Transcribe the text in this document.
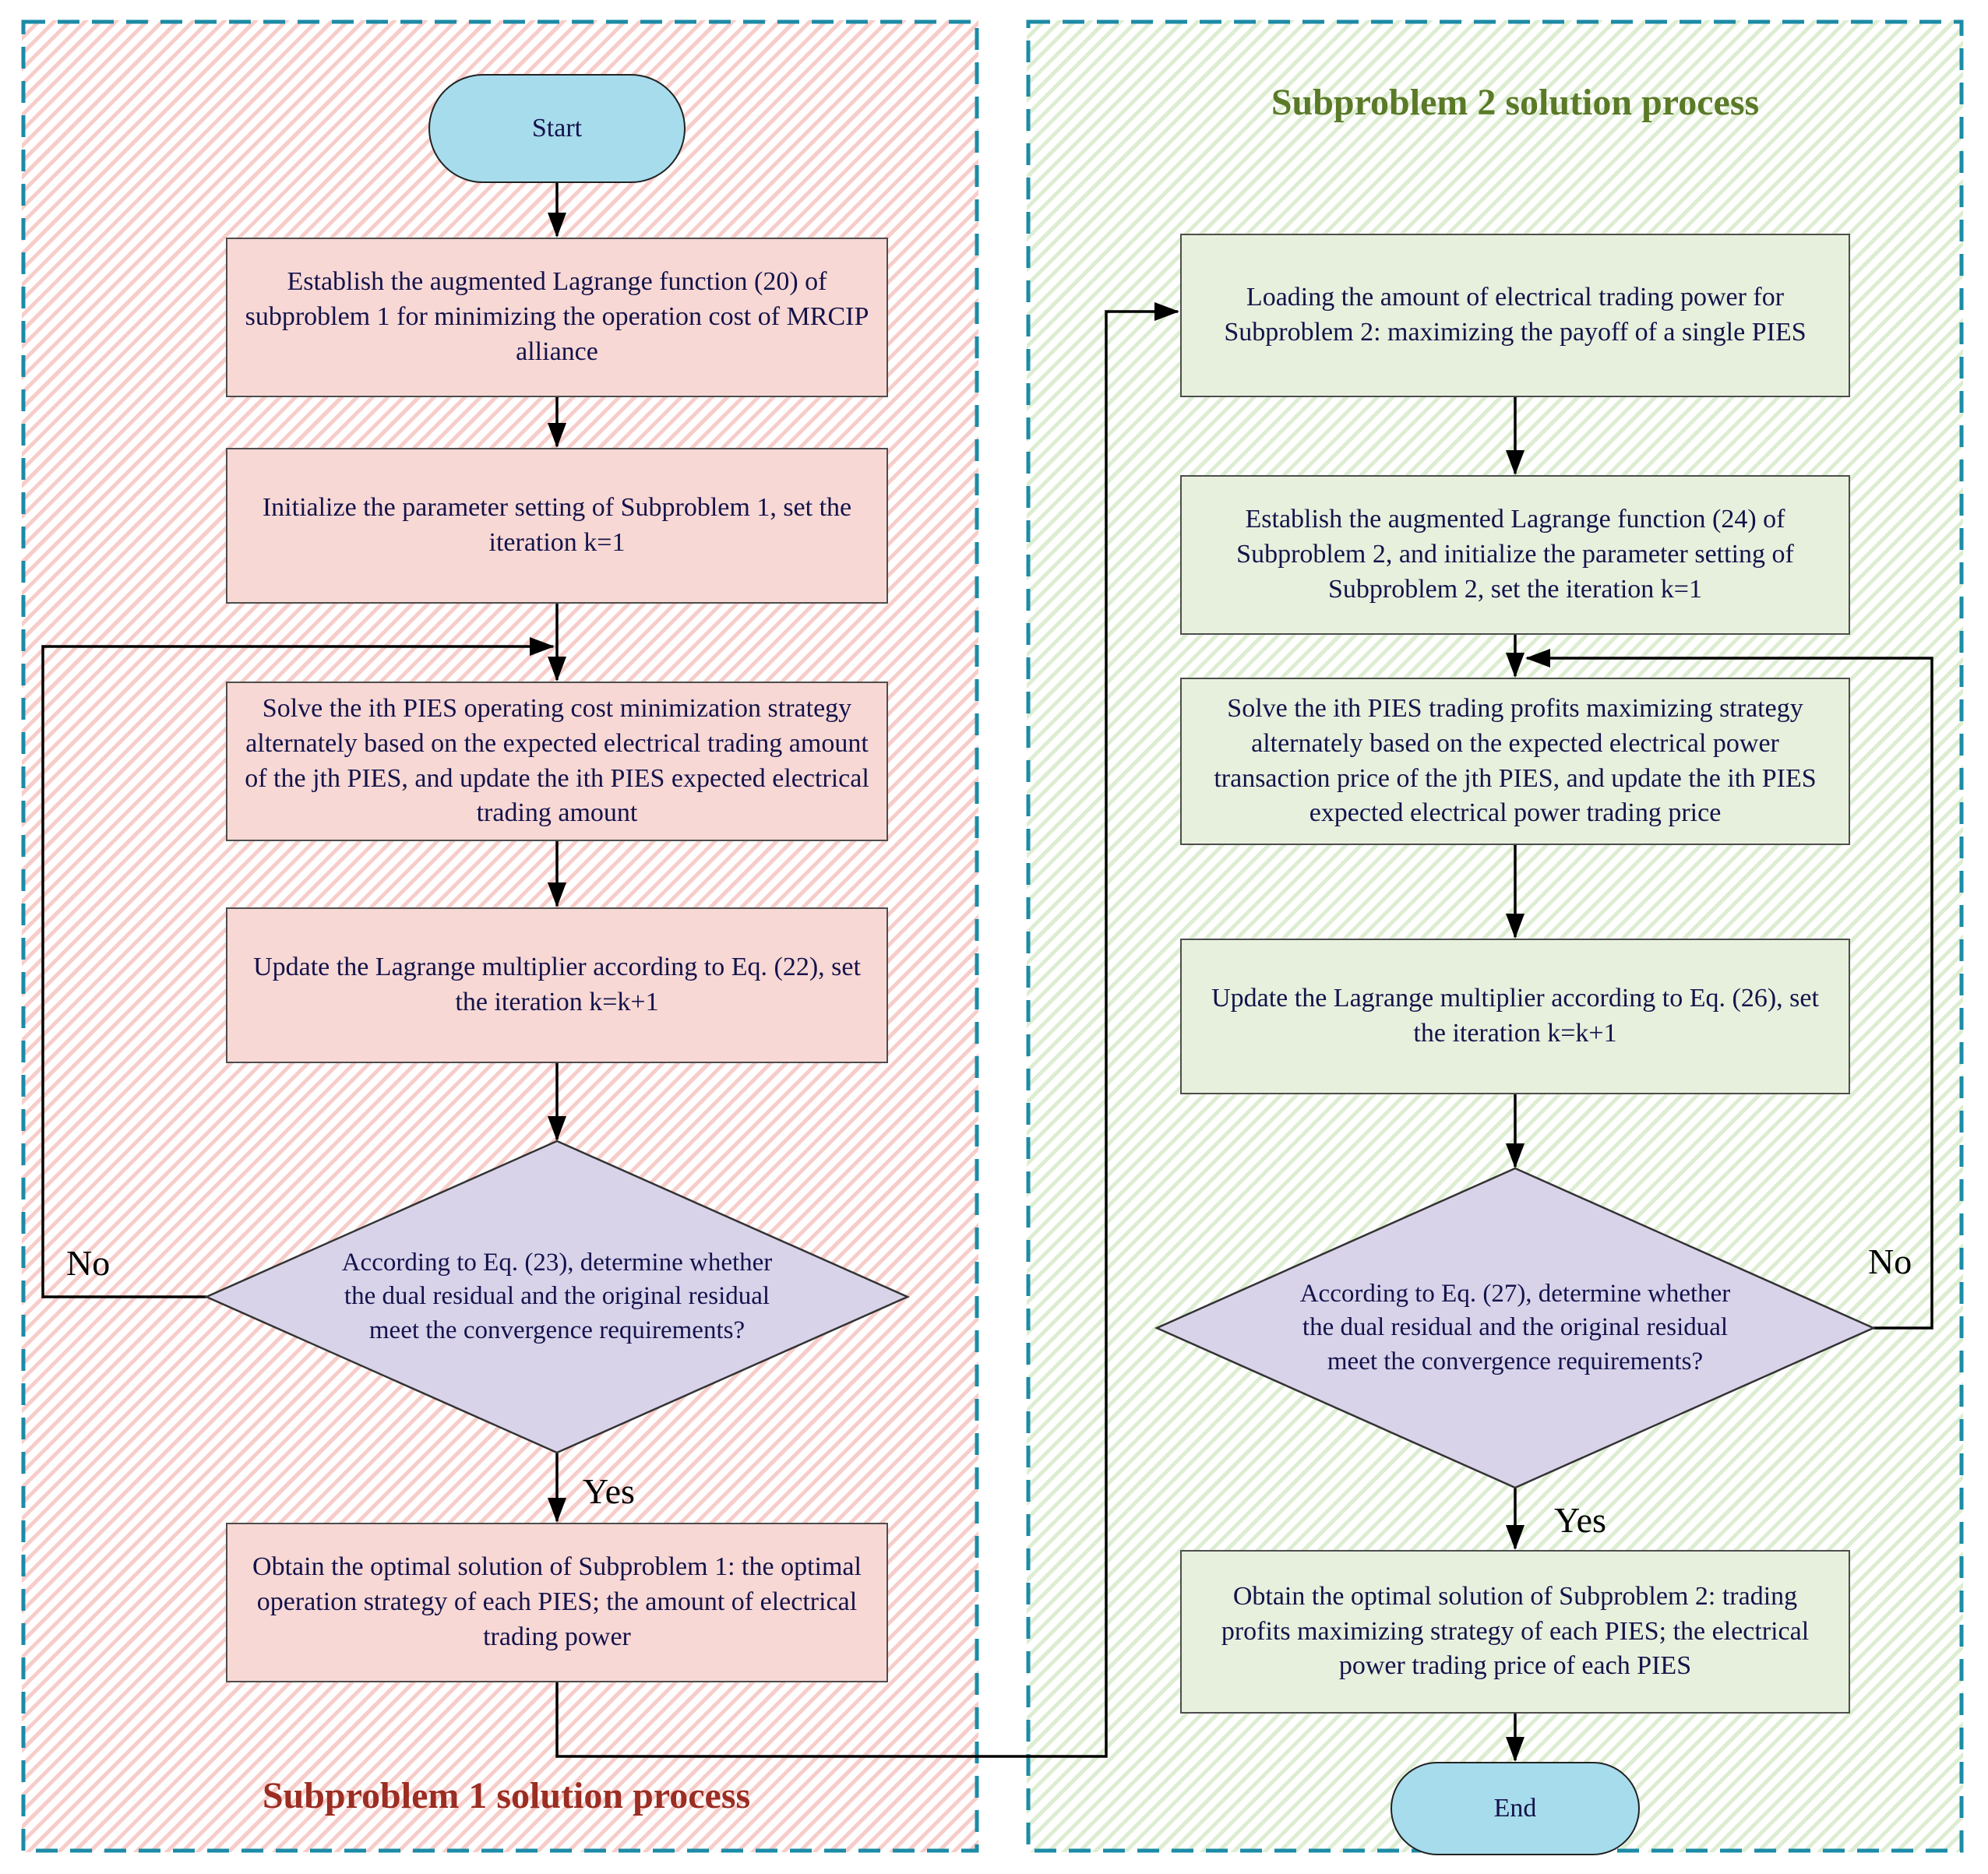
Subproblem 2 solution process
Subproblem 1 solution process
Start
Establish the augmented Lagrange function (20) of subproblem 1 for minimizing the operation cost of MRCIP alliance
Initialize the parameter setting of Subproblem 1, set the iteration k=1
Solve the ith PIES operating cost minimization strategy alternately based on the expected electrical trading amount of the jth PIES, and update the ith PIES expected electrical trading amount
Update the Lagrange multiplier according to Eq. (22), set the iteration k=k+1
According to Eq. (23), determine whether the dual residual and the original residual meet the convergence requirements?
Obtain the optimal solution of Subproblem 1: the optimal operation strategy of each PIES; the amount of electrical trading power
No
Yes
Loading the amount of electrical trading power for Subproblem 2: maximizing the payoff of a single PIES
Establish the augmented Lagrange function (24) of Subproblem 2, and initialize the parameter setting of Subproblem 2, set the iteration k=1
Solve the ith PIES trading profits maximizing strategy alternately based on the expected electrical power transaction price of the jth PIES, and update the ith PIES expected electrical power trading price
Update the Lagrange multiplier according to Eq. (26), set the iteration k=k+1
According to Eq. (27), determine whether the dual residual and the original residual meet the convergence requirements?
Obtain the optimal solution of Subproblem 2: trading profits maximizing strategy of each PIES; the electrical power trading price of each PIES
End
No
Yes
